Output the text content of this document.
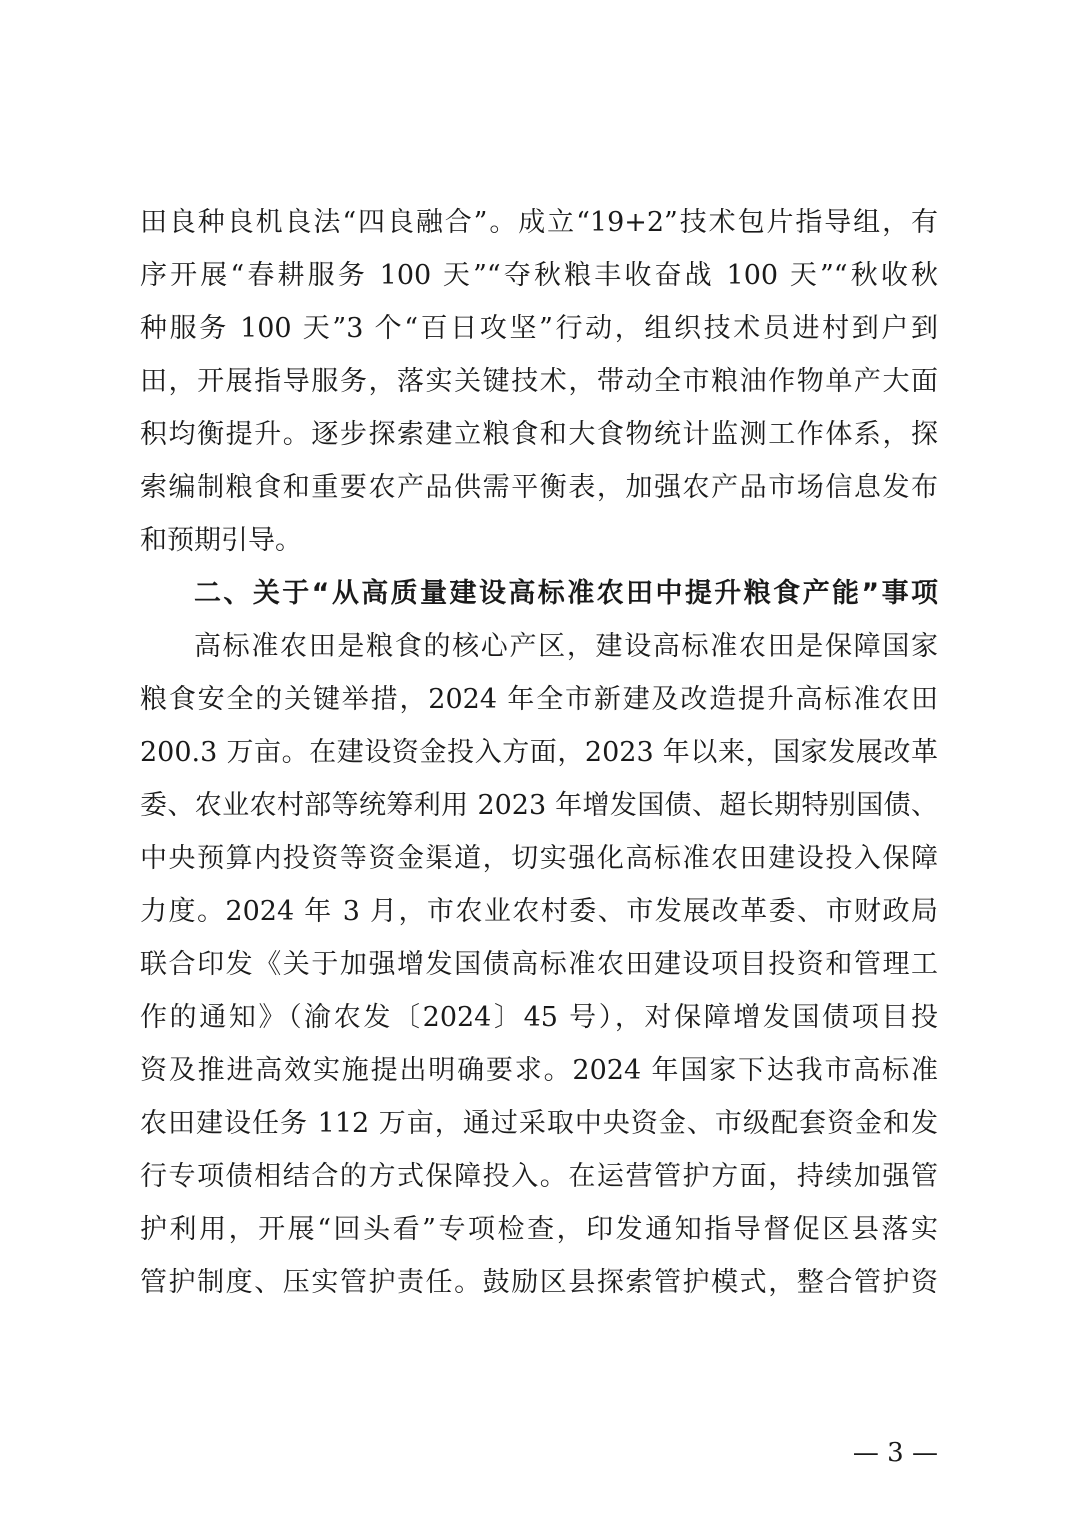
田良种良机良法“四良融合”。成立“19+2”技术包片指导组，有
序开展“春耕服务 100 天”“夺秋粮丰收奋战 100 天”“秋收秋
种服务 100 天”3 个“百日攻坚”行动，组织技术员进村到户到
田，开展指导服务，落实关键技术，带动全市粮油作物单产大面
积均衡提升。逐步探索建立粮食和大食物统计监测工作体系，探
索编制粮食和重要农产品供需平衡表，加强农产品市场信息发布
和预期引导。
二、关于“从高质量建设高标准农田中提升粮食产能”事项
高标准农田是粮食的核心产区，建设高标准农田是保障国家
粮食安全的关键举措，2024 年全市新建及改造提升高标准农田
200.3 万亩。在建设资金投入方面，2023 年以来，国家发展改革
委、农业农村部等统筹利用 2023 年增发国债、超长期特别国债、
中央预算内投资等资金渠道，切实强化高标准农田建设投入保障
力度。2024 年 3 月，市农业农村委、市发展改革委、市财政局
联合印发《关于加强增发国债高标准农田建设项目投资和管理工
作的通知》（渝农发〔2024〕45 号），对保障增发国债项目投
资及推进高效实施提出明确要求。2024 年国家下达我市高标准
农田建设任务 112 万亩，通过采取中央资金、市级配套资金和发
行专项债相结合的方式保障投入。在运营管护方面，持续加强管
护利用，开展“回头看”专项检查，印发通知指导督促区县落实
管护制度、压实管护责任。鼓励区县探索管护模式，整合管护资
— 3 —
